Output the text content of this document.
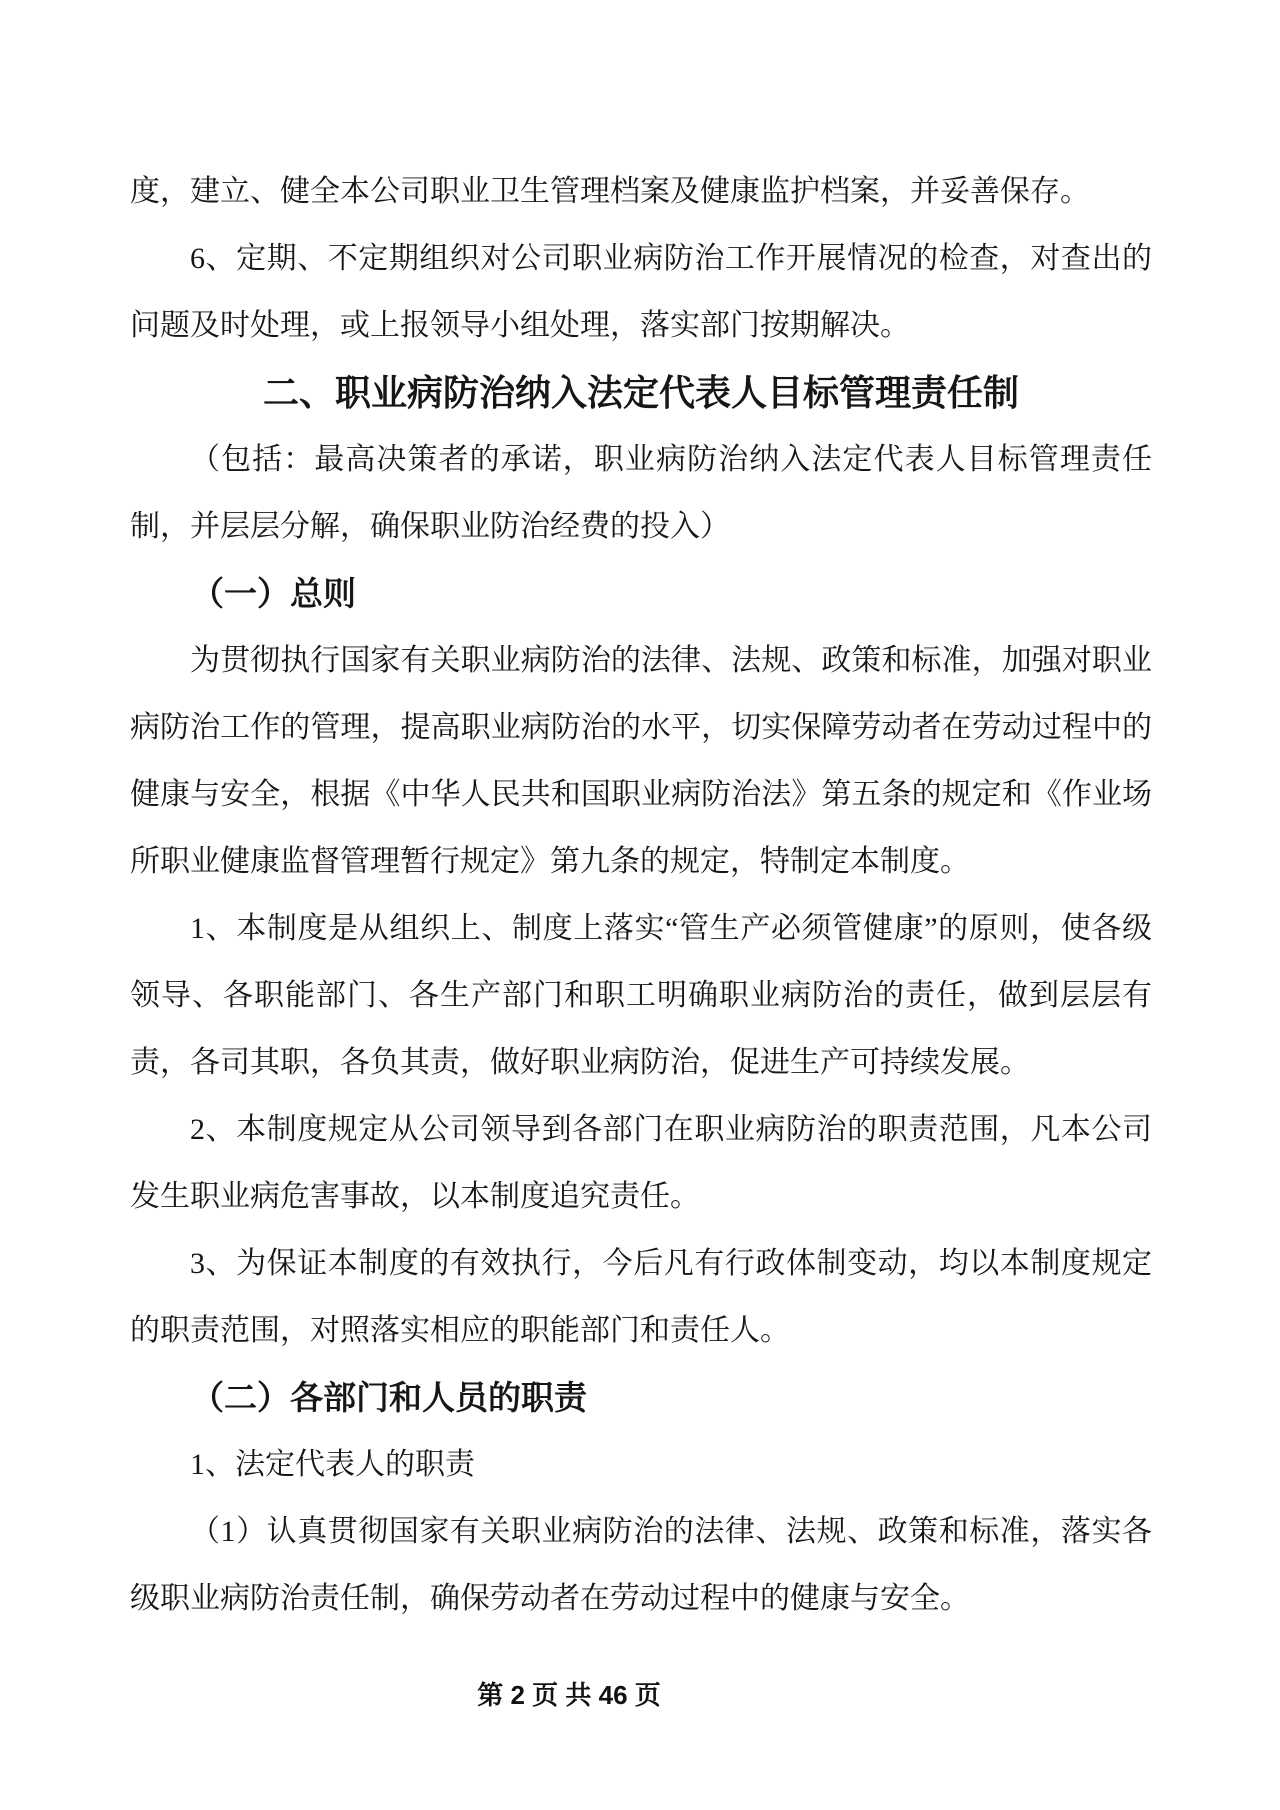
度，建立、健全本公司职业卫生管理档案及健康监护档案，并妥善保存。

6、定期、不定期组织对公司职业病防治工作开展情况的检查，对查出的问题及时处理，或上报领导小组处理，落实部门按期解决。

二、职业病防治纳入法定代表人目标管理责任制

（包括：最高决策者的承诺，职业病防治纳入法定代表人目标管理责任制，并层层分解，确保职业防治经费的投入）

（一）总则

为贯彻执行国家有关职业病防治的法律、法规、政策和标准，加强对职业病防治工作的管理，提高职业病防治的水平，切实保障劳动者在劳动过程中的健康与安全，根据《中华人民共和国职业病防治法》第五条的规定和《作业场所职业健康监督管理暂行规定》第九条的规定，特制定本制度。

1、本制度是从组织上、制度上落实“管生产必须管健康”的原则，使各级领导、各职能部门、各生产部门和职工明确职业病防治的责任，做到层层有责，各司其职，各负其责，做好职业病防治，促进生产可持续发展。

2、本制度规定从公司领导到各部门在职业病防治的职责范围，凡本公司发生职业病危害事故，以本制度追究责任。

3、为保证本制度的有效执行，今后凡有行政体制变动，均以本制度规定的职责范围，对照落实相应的职能部门和责任人。

（二）各部门和人员的职责

1、法定代表人的职责

（1）认真贯彻国家有关职业病防治的法律、法规、政策和标准，落实各级职业病防治责任制，确保劳动者在劳动过程中的健康与安全。

第 2 页 共 46 页
